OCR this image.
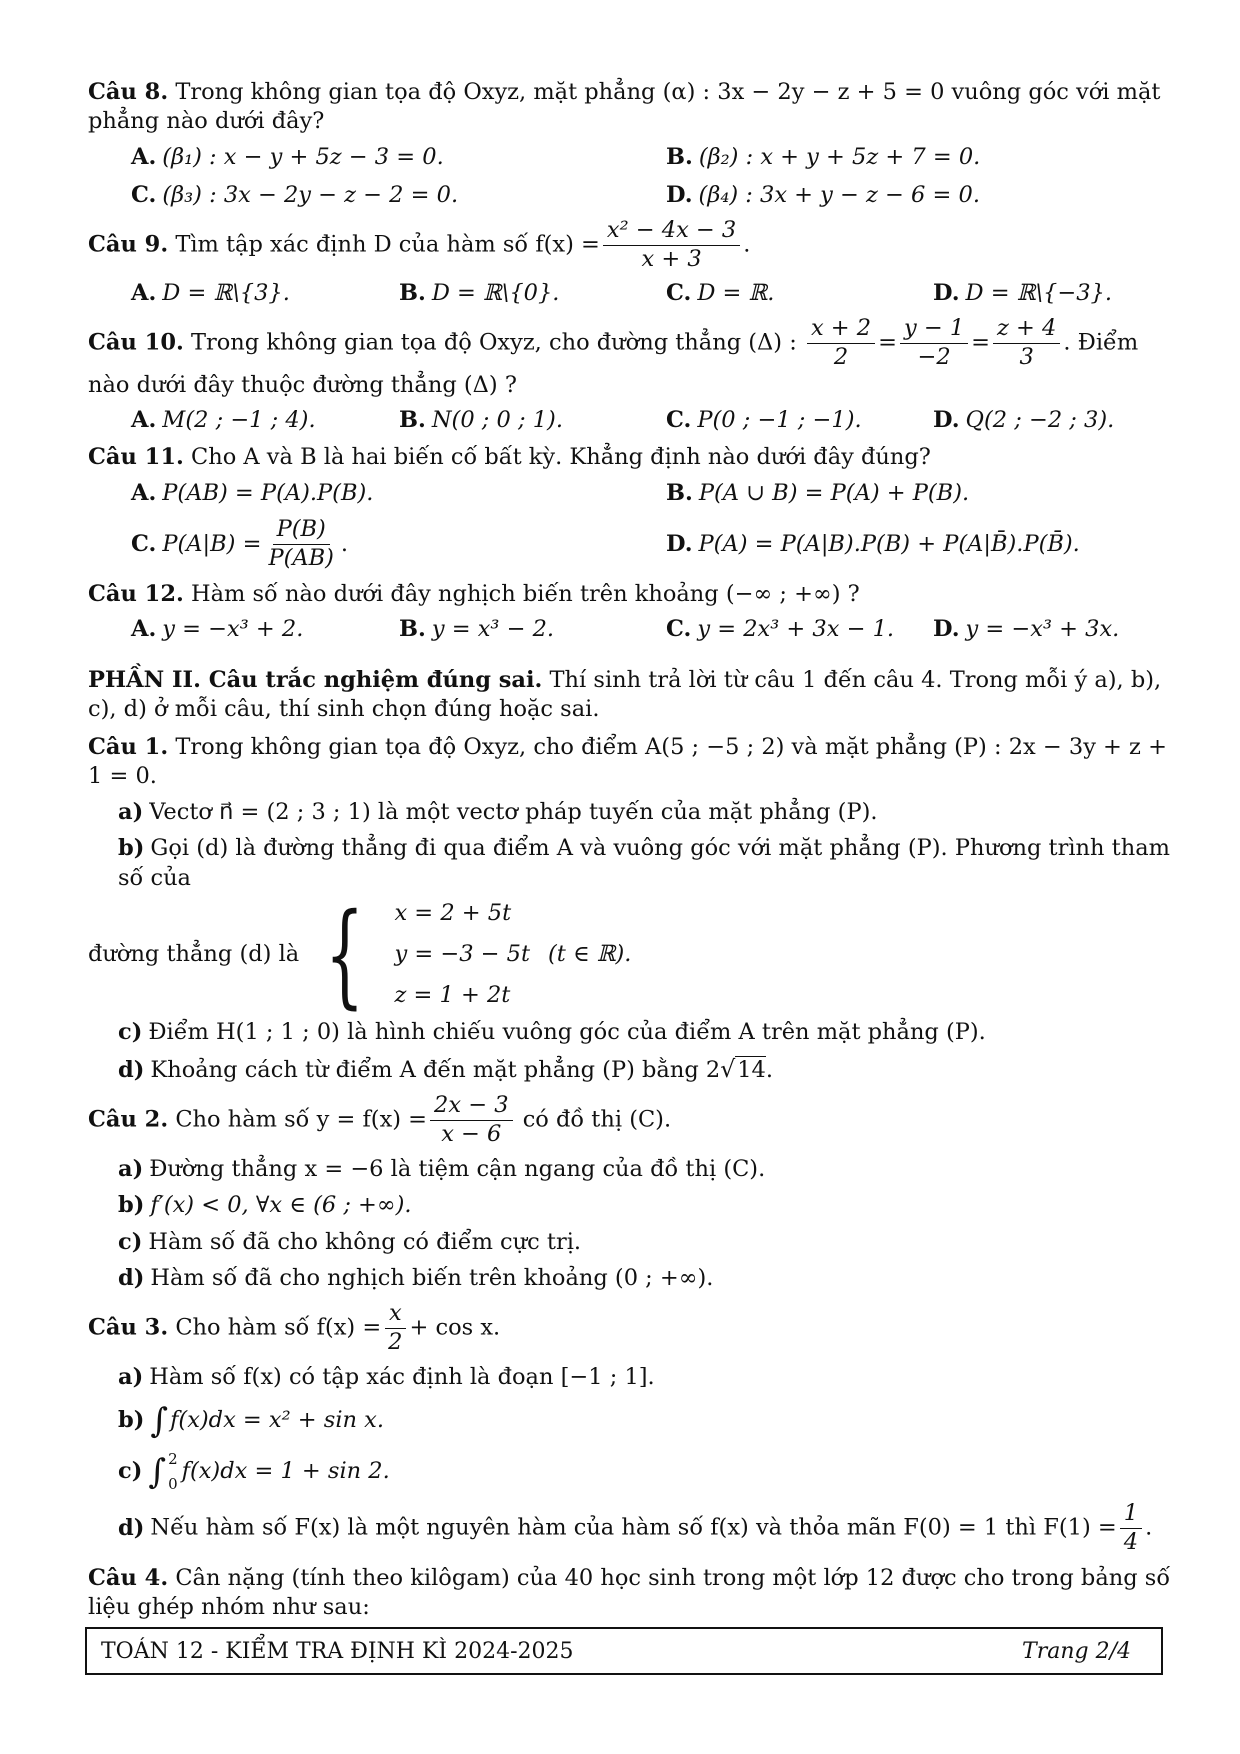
Câu 8. Trong không gian tọa độ Oxyz, mặt phẳng (α) : 3x − 2y − z + 5 = 0 vuông góc với mặt phẳng nào dưới đây?

A. (β₁) : x − y + 5z − 3 = 0.	B. (β₂) : x + y + 5z + 7 = 0.
C. (β₃) : 3x − 2y − z − 2 = 0.	D. (β₄) : 3x + y − z − 6 = 0.

Câu 9. Tìm tập xác định D của hàm số $f(x) = \frac{\text{x² − 4x − 3}}{x + 3}$ .

A. D = ℝ\{3}.	B. D = ℝ\{0}.	C. D = ℝ.	D. D = ℝ\{−3}.

Câu 10. Trong không gian tọa độ Oxyz, cho đường thẳng (Δ) : $\frac{x + 2}{2} = \frac{y - 1}{-2} = \frac{z + 4}{3}$ . Điểm nào dưới đây thuộc đường thẳng (Δ) ?

A. M(2 ; −1 ; 4).	B. N(0 ; 0 ; 1).	C. P(0 ; −1 ; −1).	D. Q(2 ; −2 ; 3).

Câu 11. Cho A và B là hai biến cố bất kỳ. Khẳng định nào dưới đây đúng?

A. P(AB) = P(A).P(B).	B. P(A ∪ B) = P(A) + P(B).
C. $P(A|B) = \frac{P(B)}{P(AB)}$ .	D. P(A) = P(A|B).P(B) + P(A|B̄).P(B̄).

Câu 12. Hàm số nào dưới đây nghịch biến trên khoảng (−∞ ; +∞) ?

A. y = −x³ + 2.	B. y = x³ − 2.	C. y = 2x³ + 3x − 1. D. y = −x³ + 3x.

PHẦN II. Câu trắc nghiệm đúng sai. Thí sinh trả lời từ câu 1 đến câu 4. Trong mỗi ý a), b), c), d) ở mỗi câu, thí sinh chọn đúng hoặc sai.

Câu 1. Trong không gian tọa độ Oxyz, cho điểm A(5 ; −5 ; 2) và mặt phẳng (P) : 2x − 3y + z + 1 = 0.

a) Vectơ n⃗ = (2 ; 3 ; 1) là một vectơ pháp tuyến của mặt phẳng (P).

b) Gọi (d) là đường thẳng đi qua điểm A và vuông góc với mặt phẳng (P). Phương trình tham số của

đường thẳng (d) là { x = 2 + 5t
y = −3 − 5t
z = 1 + 2t
(t ∈ ℝ).

c) Điểm H(1 ; 1 ; 0) là hình chiếu vuông góc của điểm A trên mặt phẳng (P).

d) Khoảng cách từ điểm A đến mặt phẳng (P) bằng 2√14.

Câu 2. Cho hàm số $y = f(x) = \frac{2x - 3}{x - 6}$ có đồ thị (C).

a) Đường thẳng x = −6 là tiệm cận ngang của đồ thị (C).

b) f′(x) < 0, ∀x ∈ (6 ; +∞).

c) Hàm số đã cho không có điểm cực trị.

d) Hàm số đã cho nghịch biến trên khoảng (0 ; +∞).

Câu 3. Cho hàm số $f(x) = \frac{x}{2} + \cos x$.

a) Hàm số f(x) có tập xác định là đoạn [−1 ; 1].

b) ∫f(x)dx = x² + sin x.

c) ∫ 2
0 f(x)dx = 1 + sin 2.

d) Nếu hàm số F(x) là một nguyên hàm của hàm số f(x) và thỏa mãn F(0) = 1 thì $F(1) = \frac{1}{4}$ .

Câu 4. Cân nặng (tính theo kilôgam) của 40 học sinh trong một lớp 12 được cho trong bảng số liệu ghép nhóm như sau:

TOÁN 12 - KIỂM TRA ĐỊNH KÌ 2024-2025	Trang 2/4
